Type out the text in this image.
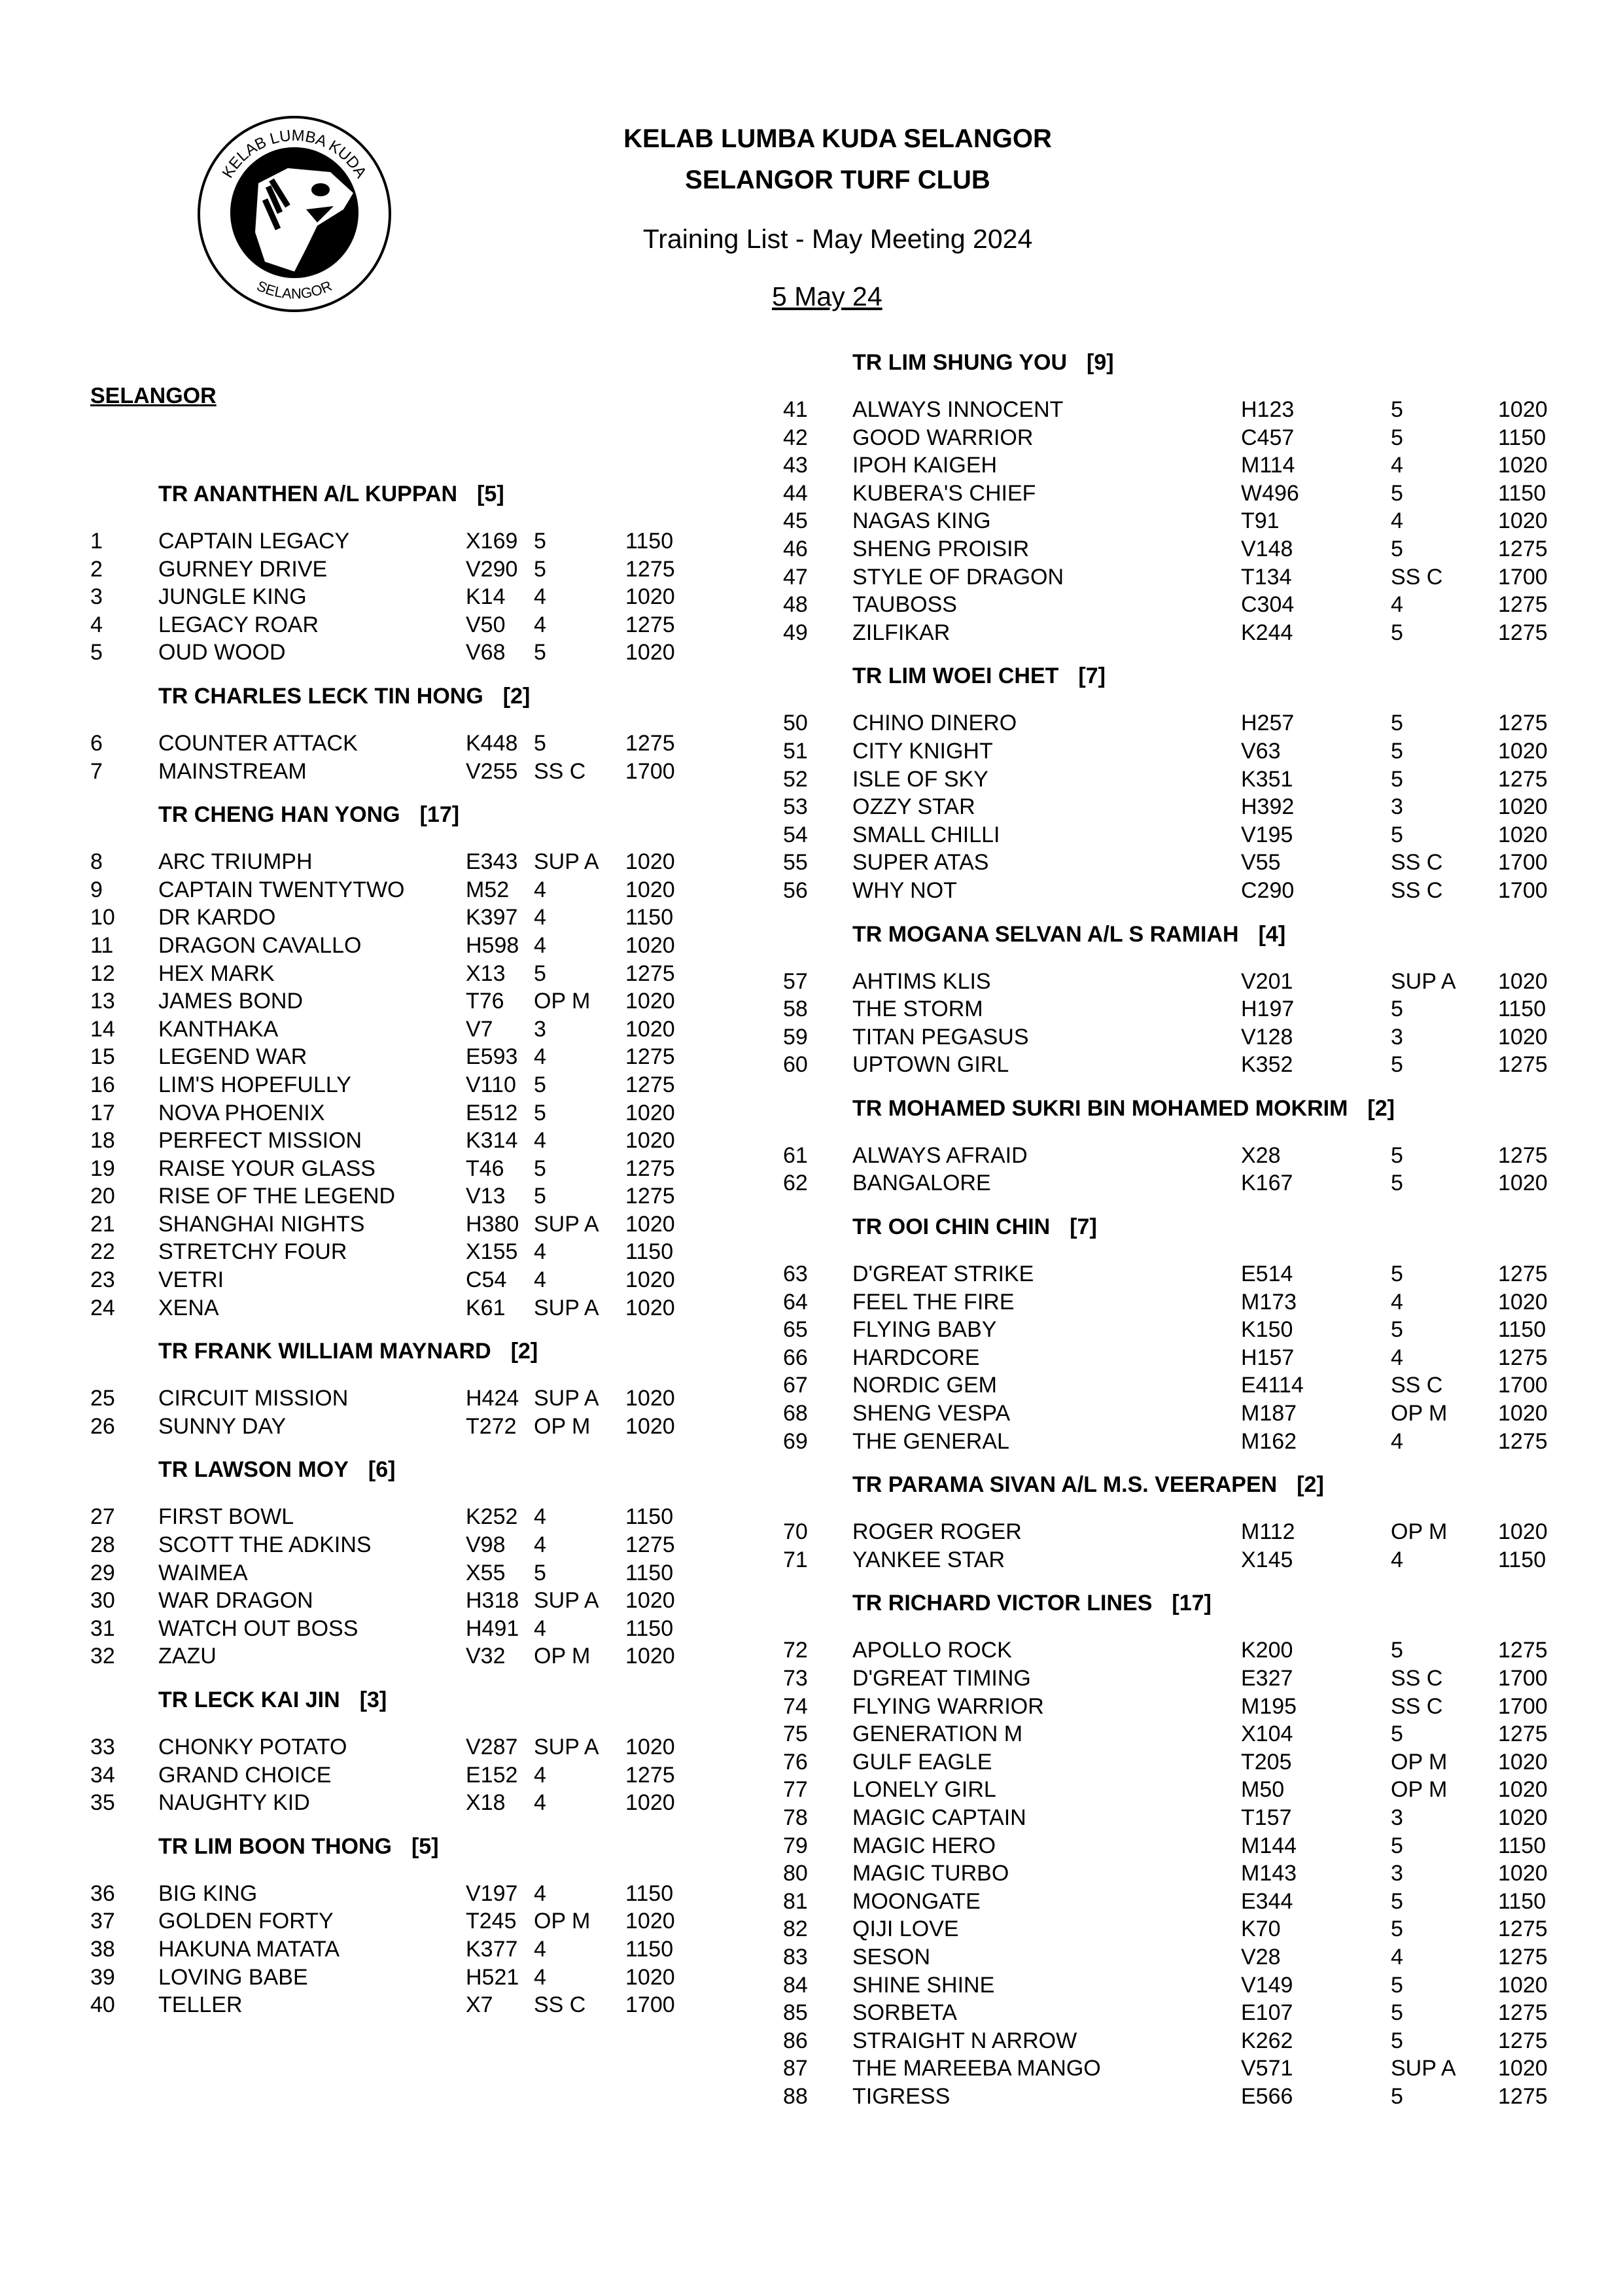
KELAB LUMBA KUDA
SELANGOR
KELAB LUMBA KUDA SELANGOR
SELANGOR TURF CLUB
Training List - May Meeting 2024
5 May 24
SELANGOR
TR ANANTHEN A/L KUPPAN [5]
1	CAPTAIN LEGACY	X169 5	1150
2	GURNEY DRIVE	V290 5	1275
3	JUNGLE KING	K14 4	1020
4	LEGACY ROAR	V50 4	1275
5	OUD WOOD	V68 5	1020
TR CHARLES LECK TIN HONG [2]
6	COUNTER ATTACK	K448 5	1275
7	MAINSTREAM	V255 SS C 1700
TR CHENG HAN YONG [17]
8	ARC TRIUMPH	E343 SUP A 1020
9	CAPTAIN TWENTYTWO	M52 4	1020
10 DR KARDO	K397 4	1150
11 DRAGON CAVALLO	H598 4	1020
12 HEX MARK	X13 5	1275
13 JAMES BOND	T76 OP M 1020
14 KANTHAKA	V7 3	1020
15 LEGEND WAR	E593 4	1275
16 LIM'S HOPEFULLY	V110 5	1275
17 NOVA PHOENIX	E512 5	1020
18 PERFECT MISSION	K314 4	1020
19 RAISE YOUR GLASS	T46 5	1275
20 RISE OF THE LEGEND	V13 5	1275
21 SHANGHAI NIGHTS	H380 SUP A 1020
22 STRETCHY FOUR	X155 4	1150
23 VETRI	C54 4	1020
24 XENA	K61 SUP A 1020
TR FRANK WILLIAM MAYNARD [2]
25 CIRCUIT MISSION	H424 SUP A 1020
26 SUNNY DAY	T272 OP M 1020
TR LAWSON MOY [6]
27 FIRST BOWL	K252 4	1150
28 SCOTT THE ADKINS	V98 4	1275
29 WAIMEA	X55 5	1150
30 WAR DRAGON	H318 SUP A 1020
31 WATCH OUT BOSS	H491 4	1150
32 ZAZU	V32 OP M 1020
TR LECK KAI JIN [3]
33 CHONKY POTATO	V287 SUP A 1020
34 GRAND CHOICE	E152 4	1275
35 NAUGHTY KID	X18 4	1020
TR LIM BOON THONG [5]
36 BIG KING	V197 4	1150
37 GOLDEN FORTY	T245 OP M 1020
38 HAKUNA MATATA	K377 4	1150
39 LOVING BABE	H521 4	1020
40 TELLER	X7 SS C 1700
TR LIM SHUNG YOU [9]
41 ALWAYS INNOCENT	H123	5	1020
42 GOOD WARRIOR	C457	5	1150
43 IPOH KAIGEH	M114	4	1020
44 KUBERA'S CHIEF	W496	5	1150
45 NAGAS KING	T91	4	1020
46 SHENG PROISIR	V148	5	1275
47 STYLE OF DRAGON	T134	SS C 1700
48 TAUBOSS	C304	4	1275
49 ZILFIKAR	K244	5	1275
TR LIM WOEI CHET [7]
50 CHINO DINERO	H257	5	1275
51 CITY KNIGHT	V63	5	1020
52 ISLE OF SKY	K351	5	1275
53 OZZY STAR	H392	3	1020
54 SMALL CHILLI	V195	5	1020
55 SUPER ATAS	V55	SS C 1700
56 WHY NOT	C290	SS C 1700
TR MOGANA SELVAN A/L S RAMIAH [4]
57 AHTIMS KLIS	V201	SUP A 1020
58 THE STORM	H197	5	1150
59 TITAN PEGASUS	V128	3	1020
60 UPTOWN GIRL	K352	5	1275
TR MOHAMED SUKRI BIN MOHAMED MOKRIM [2]
61 ALWAYS AFRAID	X28	5	1275
62 BANGALORE	K167	5	1020
TR OOI CHIN CHIN [7]
63 D'GREAT STRIKE	E514	5	1275
64 FEEL THE FIRE	M173	4	1020
65 FLYING BABY	K150	5	1150
66 HARDCORE	H157	4	1275
67 NORDIC GEM	E4114	SS C 1700
68 SHENG VESPA	M187	OP M 1020
69 THE GENERAL	M162	4	1275
TR PARAMA SIVAN A/L M.S. VEERAPEN [2]
70 ROGER ROGER	M112	OP M 1020
71 YANKEE STAR	X145	4	1150
TR RICHARD VICTOR LINES [17]
72 APOLLO ROCK	K200	5	1275
73 D'GREAT TIMING	E327	SS C 1700
74 FLYING WARRIOR	M195	SS C 1700
75 GENERATION M	X104	5	1275
76 GULF EAGLE	T205	OP M 1020
77 LONELY GIRL	M50	OP M 1020
78 MAGIC CAPTAIN	T157	3	1020
79 MAGIC HERO	M144	5	1150
80 MAGIC TURBO	M143	3	1020
81 MOONGATE	E344	5	1150
82 QIJI LOVE	K70	5	1275
83 SESON	V28	4	1275
84 SHINE SHINE	V149	5	1020
85 SORBETA	E107	5	1275
86 STRAIGHT N ARROW	K262	5	1275
87 THE MAREEBA MANGO	V571	SUP A 1020
88 TIGRESS	E566	5	1275
